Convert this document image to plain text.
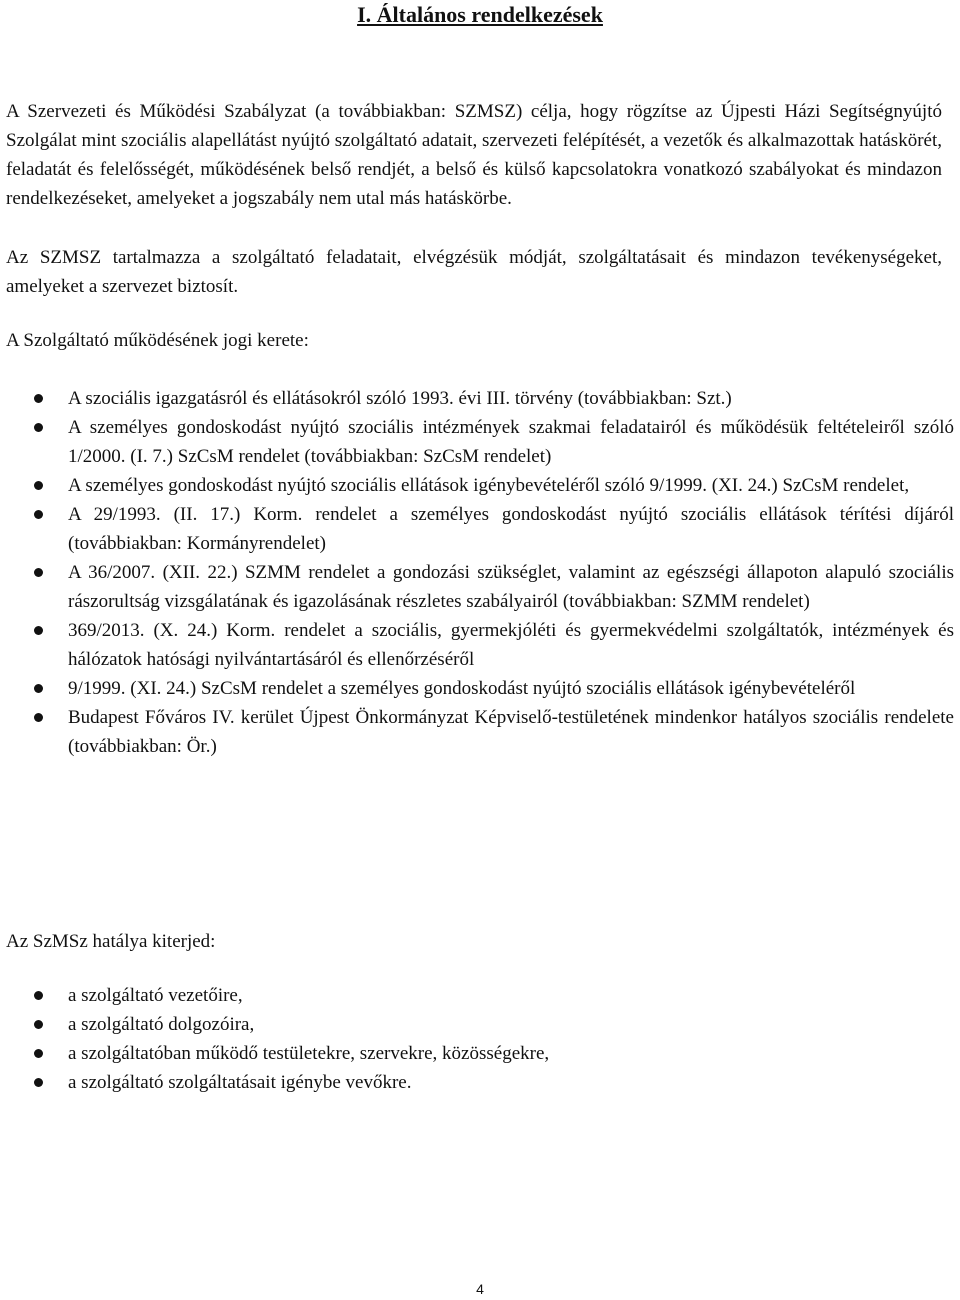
I. Általános rendelkezések

A Szervezeti és Működési Szabályzat (a továbbiakban: SZMSZ) célja, hogy rögzítse az Újpesti Házi Segítségnyújtó Szolgálat mint szociális alapellátást nyújtó szolgáltató adatait, szervezeti felépítését, a vezetők és alkalmazottak hatáskörét, feladatát és felelősségét, működésének belső rendjét, a belső és külső kapcsolatokra vonatkozó szabályokat és mindazon rendelkezéseket, amelyeket a jogszabály nem utal más hatáskörbe.

Az SZMSZ tartalmazza a szolgáltató feladatait, elvégzésük módját, szolgáltatásait és mindazon tevékenységeket, amelyeket a szervezet biztosít.

A Szolgáltató működésének jogi kerete:

A szociális igazgatásról és ellátásokról szóló 1993. évi III. törvény (továbbiakban: Szt.)
A személyes gondoskodást nyújtó szociális intézmények szakmai feladatairól és működésük feltételeiről szóló 1/2000. (I. 7.) SzCsM rendelet (továbbiakban: SzCsM rendelet)
A személyes gondoskodást nyújtó szociális ellátások igénybevételéről szóló 9/1999. (XI. 24.) SzCsM rendelet,
A 29/1993. (II. 17.) Korm. rendelet a személyes gondoskodást nyújtó szociális ellátások térítési díjáról (továbbiakban: Kormányrendelet)
A 36/2007. (XII. 22.) SZMM rendelet a gondozási szükséglet, valamint az egészségi állapoton alapuló szociális rászorultság vizsgálatának és igazolásának részletes szabályairól (továbbiakban: SZMM rendelet)
369/2013. (X. 24.) Korm. rendelet a szociális, gyermekjóléti és gyermekvédelmi szolgáltatók, intézmények és hálózatok hatósági nyilvántartásáról és ellenőrzéséről
9/1999. (XI. 24.) SzCsM rendelet a személyes gondoskodást nyújtó szociális ellátások igénybevételéről
Budapest Főváros IV. kerület Újpest Önkormányzat Képviselő-testületének mindenkor hatályos szociális rendelete (továbbiakban: Ör.)

Az SzMSz hatálya kiterjed:

a szolgáltató vezetőire,
a szolgáltató dolgozóira,
a szolgáltatóban működő testületekre, szervekre, közösségekre,
a szolgáltató szolgáltatásait igénybe vevőkre.
4
